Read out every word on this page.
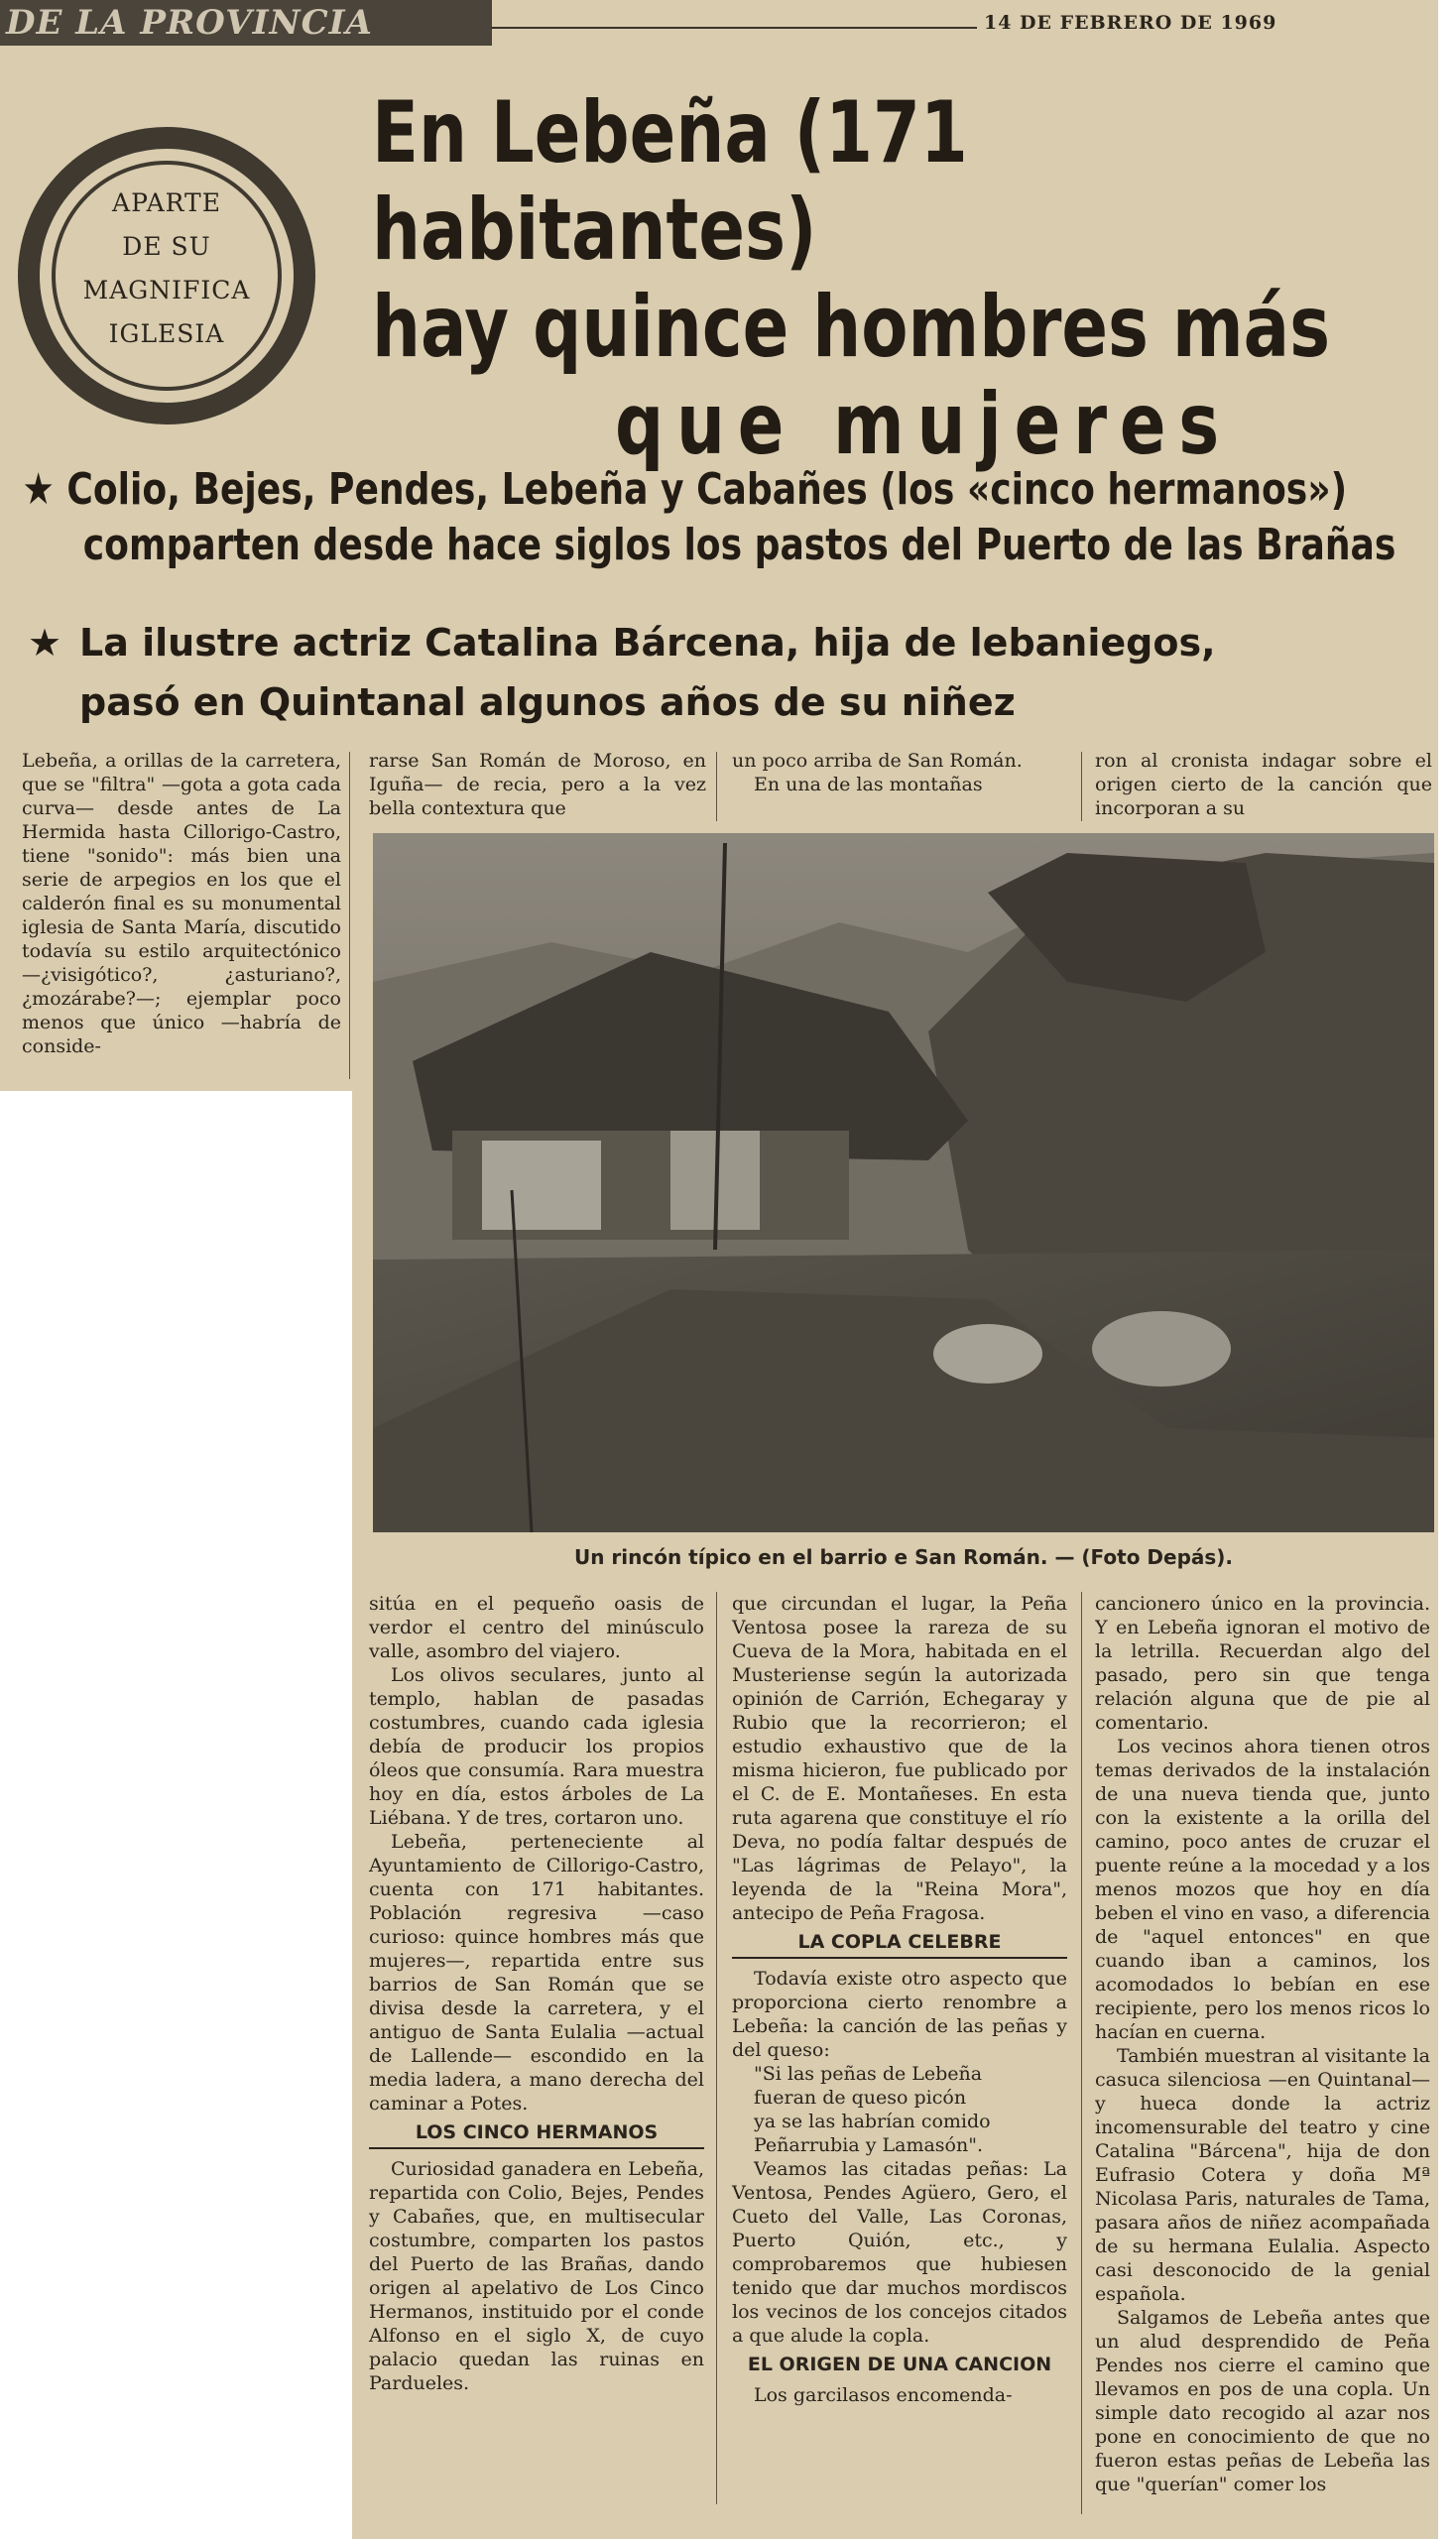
DE LA PROVINCIA	14 DE FEBRERO DE 1969
APARTE
DE SU
MAGNIFICA
IGLESIA
En Lebeña (171 habitantes)
hay quince hombres más
que mujeres
★ Colio, Bejes, Pendes, Lebeña y Cabañes (los «cinco hermanos»)
comparten desde hace siglos los pastos del Puerto de las Brañas
★ La ilustre actriz Catalina Bárcena, hija de lebaniegos,
pasó en Quintanal algunos años de su niñez

Lebeña, a orillas de la carretera, que se "filtra" —gota a gota cada curva— desde antes de La Hermida hasta Cillorigo-Castro, tiene "sonido": más bien una serie de arpegios en los que el calderón final es su monumental iglesia de Santa María, discutido todavía su estilo arquitectónico —¿visigótico?, ¿asturiano?, ¿mozárabe?—; ejemplar poco menos que único —habría de conside-

rarse San Román de Moroso, en Iguña— de recia, pero a la vez bella contextura que

un poco arriba de San Román.

En una de las montañas

ron al cronista indagar sobre el origen cierto de la canción que incorporan a su

Un rincón típico en el barrio e San Román. — (Foto Depás).

sitúa en el pequeño oasis de verdor el centro del minúsculo valle, asombro del viajero.

Los olivos seculares, junto al templo, hablan de pasadas costumbres, cuando cada iglesia debía de producir los propios óleos que consumía. Rara muestra hoy en día, estos árboles de La Liébana. Y de tres, cortaron uno.

Lebeña, perteneciente al Ayuntamiento de Cillorigo-Castro, cuenta con 171 habitantes. Población regresiva —caso curioso: quince hombres más que mujeres—, repartida entre sus barrios de San Román que se divisa desde la carretera, y el antiguo de Santa Eulalia —actual de Lallende— escondido en la media ladera, a mano derecha del caminar a Potes.

LOS CINCO HERMANOS

Curiosidad ganadera en Lebeña, repartida con Colio, Bejes, Pendes y Cabañes, que, en multisecular costumbre, comparten los pastos del Puerto de las Brañas, dando origen al apelativo de Los Cinco Hermanos, instituido por el conde Alfonso en el siglo X, de cuyo palacio quedan las ruinas en Pardueles.

que circundan el lugar, la Peña Ventosa posee la rareza de su Cueva de la Mora, habitada en el Musteriense según la autorizada opinión de Carrión, Echegaray y Rubio que la recorrieron; el estudio exhaustivo que de la misma hicieron, fue publicado por el C. de E. Montañeses. En esta ruta agarena que constituye el río Deva, no podía faltar después de "Las lágrimas de Pelayo", la leyenda de la "Reina Mora", antecipo de Peña Fragosa.

LA COPLA CELEBRE

Todavía existe otro aspecto que proporciona cierto renombre a Lebeña: la canción de las peñas y del queso:

"Si las peñas de Lebeña
fueran de queso picón
ya se las habrían comido
Peñarrubia y Lamasón".

Veamos las citadas peñas: La Ventosa, Pendes Agüero, Gero, el Cueto del Valle, Las Coronas, Puerto Quión, etc., y comprobaremos que hubiesen tenido que dar muchos mordiscos los vecinos de los concejos citados a que alude la copla.

EL ORIGEN DE UNA CANCION

Los garcilasos encomenda-

cancionero único en la provincia. Y en Lebeña ignoran el motivo de la letrilla. Recuerdan algo del pasado, pero sin que tenga relación alguna que de pie al comentario.

Los vecinos ahora tienen otros temas derivados de la instalación de una nueva tienda que, junto con la existente a la orilla del camino, poco antes de cruzar el puente reúne a la mocedad y a los menos mozos que hoy en día beben el vino en vaso, a diferencia de "aquel entonces" en que cuando iban a caminos, los acomodados lo bebían en ese recipiente, pero los menos ricos lo hacían en cuerna.

También muestran al visitante la casuca silenciosa —en Quintanal— y hueca donde la actriz incomensurable del teatro y cine Catalina "Bárcena", hija de don Eufrasio Cotera y doña Mª Nicolasa Paris, naturales de Tama, pasara años de niñez acompañada de su hermana Eulalia. Aspecto casi desconocido de la genial española.

Salgamos de Lebeña antes que un alud desprendido de Peña Pendes nos cierre el camino que llevamos en pos de una copla. Un simple dato recogido al azar nos pone en conocimiento de que no fueron estas peñas de Lebeña las que "querían" comer los
